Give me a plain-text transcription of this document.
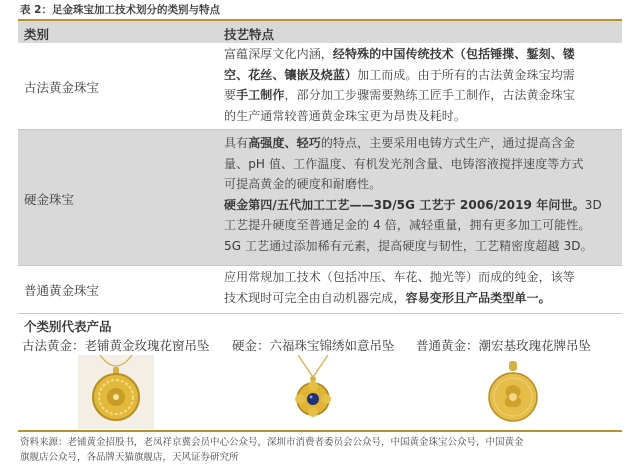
表 2：足金珠宝加工技术划分的类别与特点
类别	技艺特点
古法黄金珠宝

富蕴深厚文化内涵，经特殊的中国传统技术（包括锤揲、錾刻、镂

空、花丝、镶嵌及烧蓝）加工而成。由于所有的古法黄金珠宝均需

要手工制作，部分加工步骤需要熟练工匠手工制作，古法黄金珠宝

的生产通常较普通黄金珠宝更为昂贵及耗时。

硬金珠宝

具有高强度、轻巧的特点，主要采用电铸方式生产，通过提高含金

量、pH 值、工作温度、有机发光剂含量、电铸溶液搅拌速度等方式

可提高黄金的硬度和耐磨性。

硬金第四/五代加工工艺——3D/5G 工艺于 2006/2019 年问世。3D

工艺提升硬度至普通足金的 4 倍，减轻重量，拥有更多加工可能性。

5G 工艺通过添加稀有元素，提高硬度与韧性，工艺精密度超越 3D。

普通黄金珠宝

应用常规加工技术（包括冲压、车花、抛光等）而成的纯金，该等

技术现时可完全由自动机器完成，容易变形且产品类型单一。

个类别代表产品
古法黄金：老铺黄金玫瑰花窗吊坠 硬金：六福珠宝锦绣如意吊坠 普通黄金：潮宏基玫瑰花牌吊坠
资料来源：老铺黄金招股书，老凤祥京冀会员中心公众号，深圳市消费者委员会公众号，中国黄金珠宝公众号，中国黄金
旗舰店公众号，各品牌天猫旗舰店，天风证券研究所
